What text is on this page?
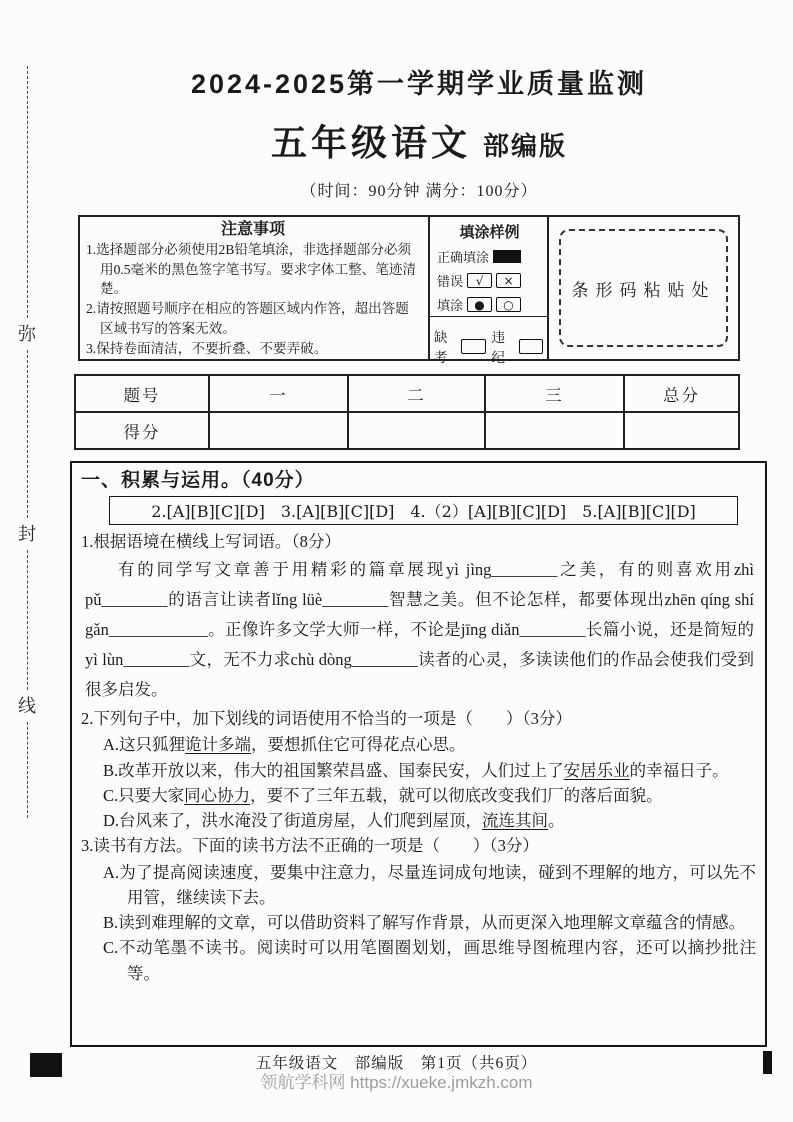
弥
封
线
2024-2025第一学期学业质量监测
五年级语文 部编版
（时间：90分钟 满分：100分）
注意事项
1.选择题部分必须使用2B铅笔填涂，非选择题部分必须用0.5毫米的黑色签字笔书写。要求字体工整、笔迹清楚。
2.请按照题号顺序在相应的答题区域内作答，超出答题区域书写的答案无效。
3.保持卷面清洁，不要折叠、不要弄破。
填涂样例
正确填涂
错误	√	×
填涂 ●	○
缺考
违纪
条形码粘贴处
题号	一	二	三	总分
得分				
一、积累与运用。（40分）
2.[A][B][C][D]　3.[A][B][C][D]　4.（2）[A][B][C][D]　5.[A][B][C][D]
1.根据语境在横线上写词语。（8分）
有的同学写文章善于用精彩的篇章展现yì jìng________之美，有的则喜欢用zhì pǔ________的语言让读者lǐng lüè________智慧之美。但不论怎样，都要体现出zhēn qíng shí gǎn____________。正像许多文学大师一样，不论是jīng diǎn________长篇小说，还是简短的yì lùn________文，无不力求chù dòng________读者的心灵，多读读他们的作品会使我们受到很多启发。
2.下列句子中，加下划线的词语使用不恰当的一项是（　　）（3分）
A.这只狐狸诡计多端，要想抓住它可得花点心思。
B.改革开放以来，伟大的祖国繁荣昌盛、国泰民安，人们过上了安居乐业的幸福日子。
C.只要大家同心协力，要不了三年五载，就可以彻底改变我们厂的落后面貌。
D.台风来了，洪水淹没了街道房屋，人们爬到屋顶，流连其间。
3.读书有方法。下面的读书方法不正确的一项是（　　）（3分）
A.为了提高阅读速度，要集中注意力，尽量连词成句地读，碰到不理解的地方，可以先不用管，继续读下去。
B.读到难理解的文章，可以借助资料了解写作背景，从而更深入地理解文章蕴含的情感。
C.不动笔墨不读书。阅读时可以用笔圈圈划划，画思维导图梳理内容，还可以摘抄批注等。
五年级语文　部编版　第1页（共6页）
领航学科网 https://xueke.jmkzh.com
